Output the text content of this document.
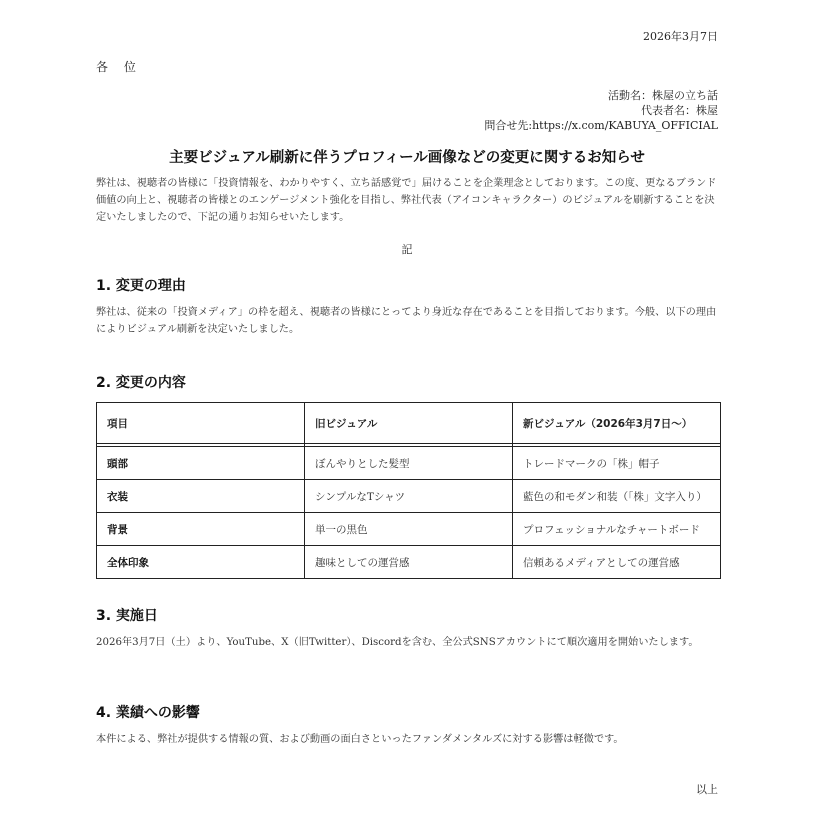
2026年3月7日
各 位
活動名：株屋の立ち話
代表者名：株屋
問合せ先:https://x.com/KABUYA_OFFICIAL
主要ビジュアル刷新に伴うプロフィール画像などの変更に関するお知らせ
弊社は、視聴者の皆様に「投資情報を、わかりやすく、立ち話感覚で」届けることを企業理念としております。この度、更なるブランド価値の向上と、視聴者の皆様とのエンゲージメント強化を目指し、弊社代表（アイコンキャラクター）のビジュアルを刷新することを決定いたしましたので、下記の通りお知らせいたします。
記
1. 変更の理由
弊社は、従来の「投資メディア」の枠を超え、視聴者の皆様にとってより身近な存在であることを目指しております。今般、以下の理由によりビジュアル刷新を決定いたしました。
2. 変更の内容
項目	旧ビジュアル	新ビジュアル（2026年3月7日〜）

頭部	ぼんやりとした髪型	トレードマークの「株」帽子
衣装	シンプルなTシャツ	藍色の和モダン和装（「株」文字入り）
背景	単一の黒色	プロフェッショナルなチャートボード
全体印象	趣味としての運営感	信頼あるメディアとしての運営感
3. 実施日
2026年3月7日（土）より、YouTube、X（旧Twitter）、Discordを含む、全公式SNSアカウントにて順次適用を開始いたします。
4. 業績への影響
本件による、弊社が提供する情報の質、および動画の面白さといったファンダメンタルズに対する影響は軽微です。
以上
